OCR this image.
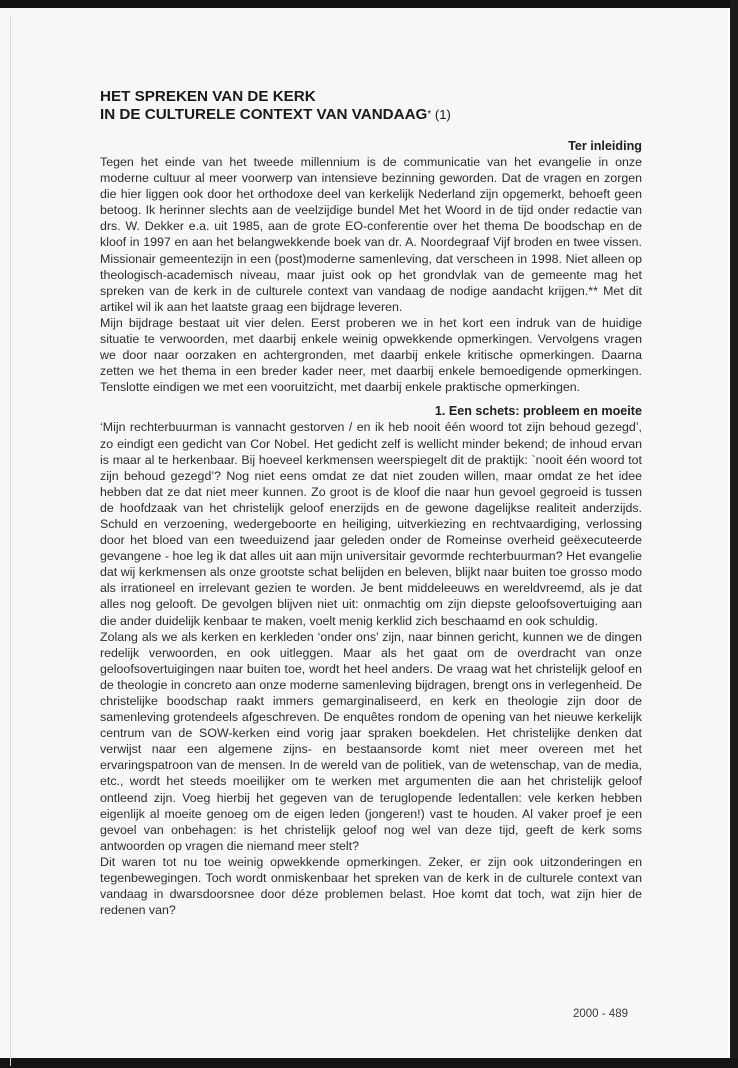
HET SPREKEN VAN DE KERK
IN DE CULTURELE CONTEXT VAN VANDAAG* (1)
Ter inleiding

Tegen het einde van het tweede millennium is de communicatie van het evangelie in onze moderne cultuur al meer voorwerp van intensieve bezinning geworden. Dat de vragen en zorgen die hier liggen ook door het orthodoxe deel van kerkelijk Nederland zijn opgemerkt, behoeft geen betoog. Ik herinner slechts aan de veelzijdige bundel Met het Woord in de tijd onder redactie van drs. W. Dekker e.a. uit 1985, aan de grote EO-conferentie over het thema De boodschap en de kloof in 1997 en aan het belangwekkende boek van dr. A. Noordegraaf Vijf broden en twee vissen. Missionair gemeentezijn in een (post)moderne samenleving, dat verscheen in 1998. Niet alleen op theologisch-academisch niveau, maar juist ook op het grondvlak van de gemeente mag het spreken van de kerk in de culturele context van vandaag de nodige aandacht krijgen.** Met dit artikel wil ik aan het laatste graag een bijdrage leveren.

Mijn bijdrage bestaat uit vier delen. Eerst proberen we in het kort een indruk van de huidige situatie te verwoorden, met daarbij enkele weinig opwekkende opmerkingen. Vervolgens vragen we door naar oorzaken en achtergronden, met daarbij enkele kritische opmerkingen. Daarna zetten we het thema in een breder kader neer, met daarbij enkele bemoedigende opmerkingen. Tenslotte eindigen we met een vooruitzicht, met daarbij enkele praktische opmerkingen.

1. Een schets: probleem en moeite

‘Mijn rechterbuurman is vannacht gestorven / en ik heb nooit één woord tot zijn behoud gezegd’, zo eindigt een gedicht van Cor Nobel. Het gedicht zelf is wellicht minder bekend; de inhoud ervan is maar al te herkenbaar. Bij hoeveel kerkmensen weerspiegelt dit de praktijk: `nooit één woord tot zijn behoud gezegd’? Nog niet eens omdat ze dat niet zouden willen, maar omdat ze het idee hebben dat ze dat niet meer kunnen. Zo groot is de kloof die naar hun gevoel gegroeid is tussen de hoofdzaak van het christelijk geloof enerzijds en de gewone dagelijkse realiteit anderzijds. Schuld en verzoening, wedergeboorte en heiliging, uitverkiezing en rechtvaardiging, verlossing door het bloed van een tweeduizend jaar geleden onder de Romeinse overheid geëxecuteerde gevangene - hoe leg ik dat alles uit aan mijn universitair gevormde rechterbuurman? Het evangelie dat wij kerkmensen als onze grootste schat belijden en beleven, blijkt naar buiten toe grosso modo als irrationeel en irrelevant gezien te worden. Je bent middeleeuws en wereldvreemd, als je dat alles nog gelooft. De gevolgen blijven niet uit: onmachtig om zijn diepste geloofsovertuiging aan die ander duidelijk kenbaar te maken, voelt menig kerklid zich beschaamd en ook schuldig.

Zolang als we als kerken en kerkleden ‘onder ons’ zijn, naar binnen gericht, kunnen we de dingen redelijk verwoorden, en ook uitleggen. Maar als het gaat om de overdracht van onze geloofsovertuigingen naar buiten toe, wordt het heel anders. De vraag wat het christelijk geloof en de theologie in concreto aan onze moderne samenleving bijdragen, brengt ons in verlegenheid. De christelijke boodschap raakt immers gemarginaliseerd, en kerk en theologie zijn door de samenleving grotendeels afgeschreven. De enquêtes rondom de opening van het nieuwe kerkelijk centrum van de SOW-kerken eind vorig jaar spraken boekdelen. Het christelijke denken dat verwijst naar een algemene zijns- en bestaansorde komt niet meer overeen met het ervaringspatroon van de mensen. In de wereld van de politiek, van de wetenschap, van de media, etc., wordt het steeds moeilijker om te werken met argumenten die aan het christelijk geloof ontleend zijn. Voeg hierbij het gegeven van de teruglopende ledentallen: vele kerken hebben eigenlijk al moeite genoeg om de eigen leden (jongeren!) vast te houden. Al vaker proef je een gevoel van onbehagen: is het christelijk geloof nog wel van deze tijd, geeft de kerk soms antwoorden op vragen die niemand meer stelt?

Dit waren tot nu toe weinig opwekkende opmerkingen. Zeker, er zijn ook uitzonderingen en tegenbewegingen. Toch wordt onmiskenbaar het spreken van de kerk in de culturele context van vandaag in dwarsdoorsnee door déze problemen belast. Hoe komt dat toch, wat zijn hier de redenen van?

2000 - 489
